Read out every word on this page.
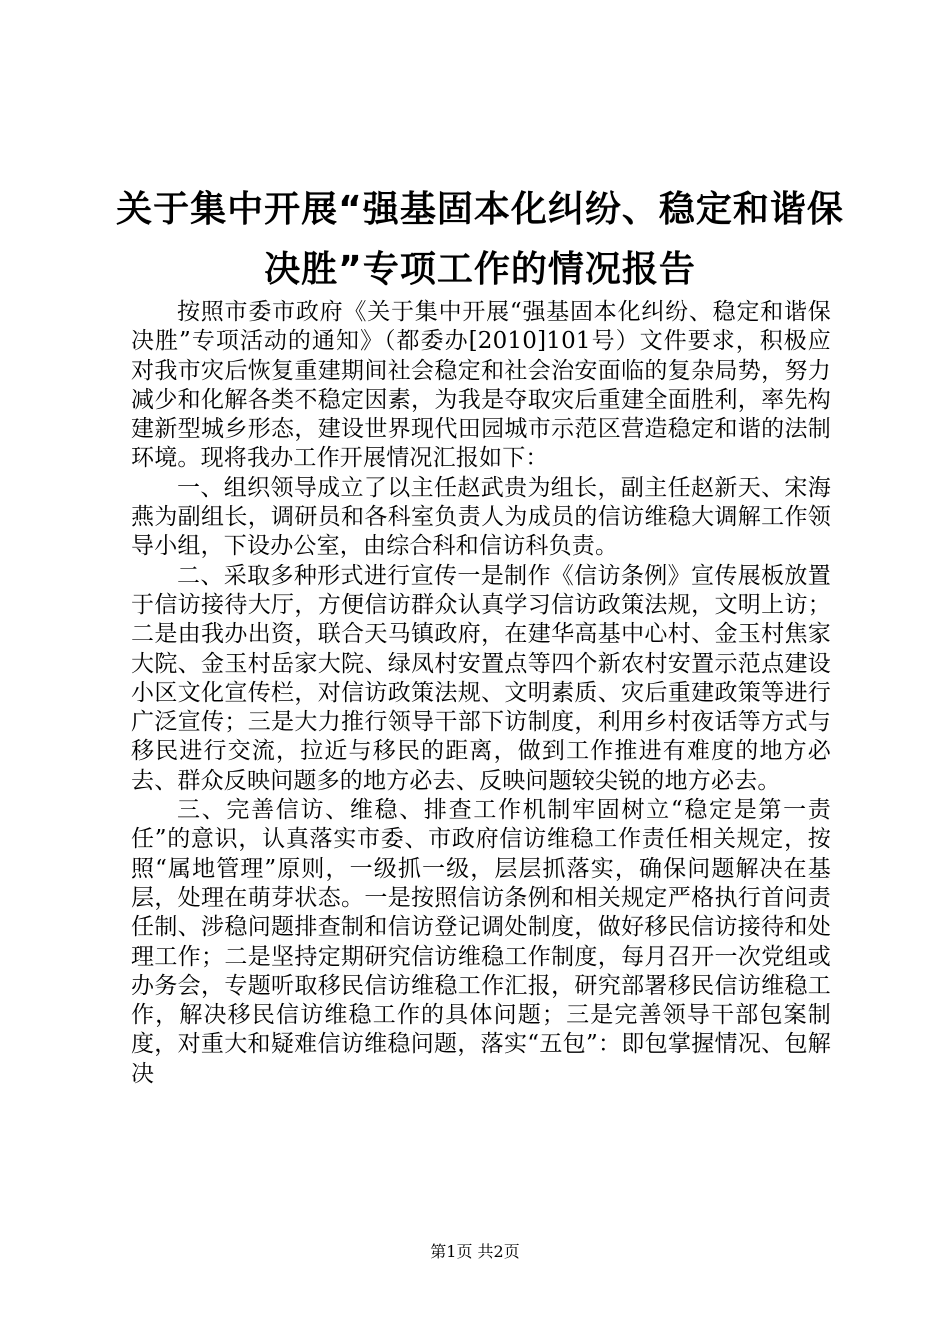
关于集中开展“强基固本化纠纷、稳定和谐保
决胜”专项工作的情况报告

按照市委市政府《关于集中开展“强基固本化纠纷、稳定和谐保决胜”专项活动的通知》（都委办[2010]101号）文件要求，积极应对我市灾后恢复重建期间社会稳定和社会治安面临的复杂局势，努力减少和化解各类不稳定因素，为我是夺取灾后重建全面胜利，率先构建新型城乡形态，建设世界现代田园城市示范区营造稳定和谐的法制环境。现将我办工作开展情况汇报如下：

一、组织领导成立了以主任赵武贵为组长，副主任赵新天、宋海燕为副组长，调研员和各科室负责人为成员的信访维稳大调解工作领导小组，下设办公室，由综合科和信访科负责。

二、采取多种形式进行宣传一是制作《信访条例》宣传展板放置于信访接待大厅，方便信访群众认真学习信访政策法规，文明上访；二是由我办出资，联合天马镇政府，在建华高基中心村、金玉村焦家大院、金玉村岳家大院、绿凤村安置点等四个新农村安置示范点建设小区文化宣传栏，对信访政策法规、文明素质、灾后重建政策等进行广泛宣传；三是大力推行领导干部下访制度，利用乡村夜话等方式与移民进行交流，拉近与移民的距离，做到工作推进有难度的地方必去、群众反映问题多的地方必去、反映问题较尖锐的地方必去。

三、完善信访、维稳、排查工作机制牢固树立“稳定是第一责任”的意识，认真落实市委、市政府信访维稳工作责任相关规定，按照“属地管理”原则，一级抓一级，层层抓落实，确保问题解决在基层，处理在萌芽状态。一是按照信访条例和相关规定严格执行首问责任制、涉稳问题排查制和信访登记调处制度，做好移民信访接待和处理工作；二是坚持定期研究信访维稳工作制度，每月召开一次党组或办务会，专题听取移民信访维稳工作汇报，研究部署移民信访维稳工作，解决移民信访维稳工作的具体问题；三是完善领导干部包案制度，对重大和疑难信访维稳问题，落实“五包”：即包掌握情况、包解决

第1页 共2页
